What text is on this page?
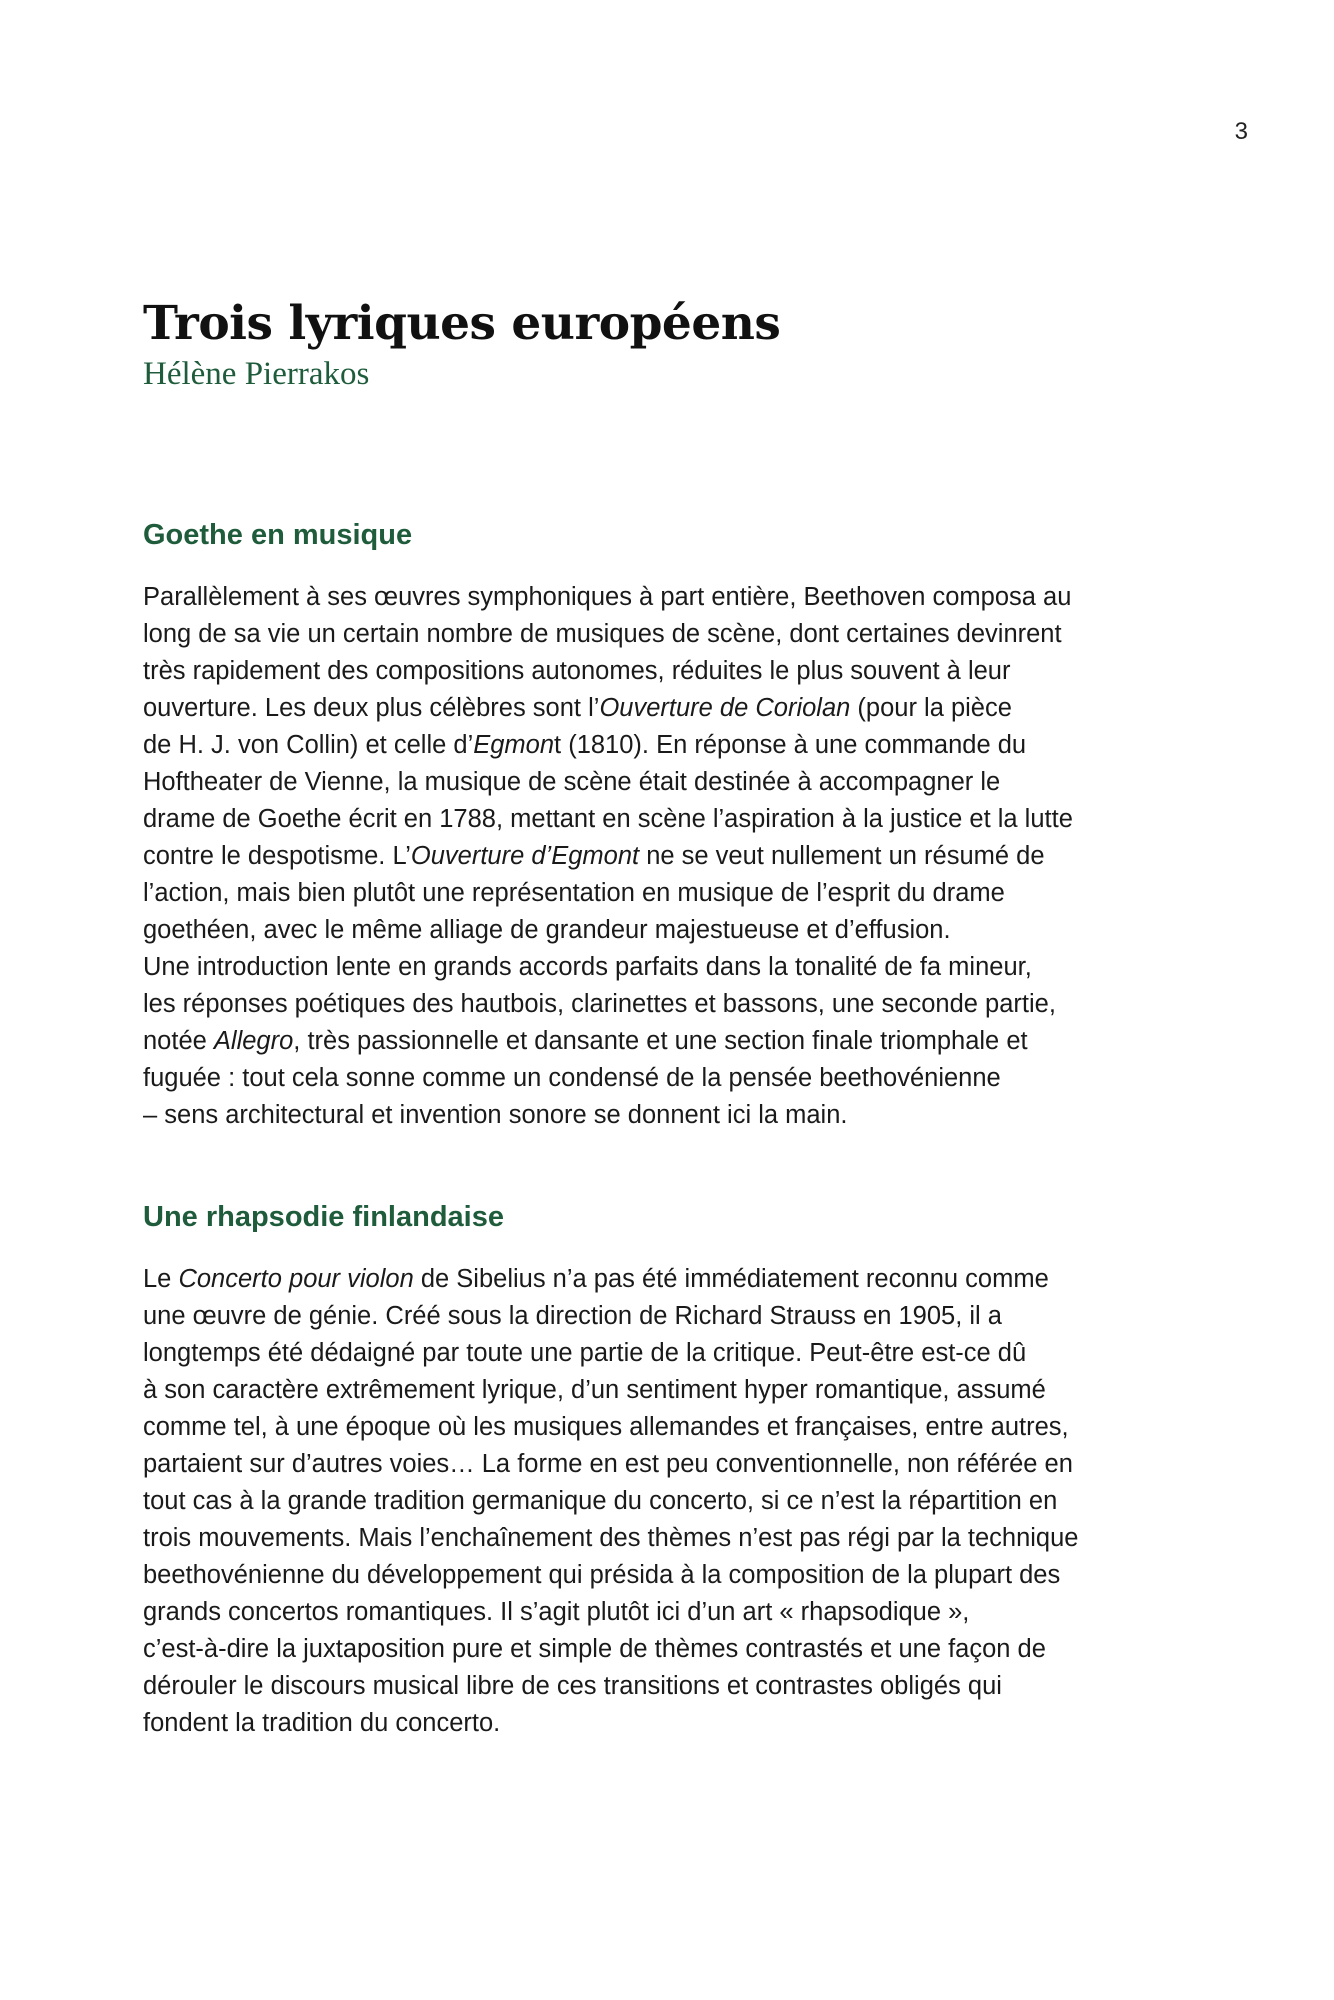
3
Trois lyriques européens
Hélène Pierrakos
Goethe en musique

Parallèlement à ses œuvres symphoniques à part entière, Beethoven composa au
long de sa vie un certain nombre de musiques de scène, dont certaines devinrent
très rapidement des compositions autonomes, réduites le plus souvent à leur
ouverture. Les deux plus célèbres sont l’Ouverture de Coriolan (pour la pièce
de H. J. von Collin) et celle d’Egmont (1810). En réponse à une commande du
Hoftheater de Vienne, la musique de scène était destinée à accompagner le
drame de Goethe écrit en 1788, mettant en scène l’aspiration à la justice et la lutte
contre le despotisme. L’Ouverture d’Egmont ne se veut nullement un résumé de
l’action, mais bien plutôt une représentation en musique de l’esprit du drame
goethéen, avec le même alliage de grandeur majestueuse et d’effusion.
Une introduction lente en grands accords parfaits dans la tonalité de fa mineur,
les réponses poétiques des hautbois, clarinettes et bassons, une seconde partie,
notée Allegro, très passionnelle et dansante et une section finale triomphale et
fuguée : tout cela sonne comme un condensé de la pensée beethovénienne
– sens architectural et invention sonore se donnent ici la main.

Une rhapsodie finlandaise

Le Concerto pour violon de Sibelius n’a pas été immédiatement reconnu comme
une œuvre de génie. Créé sous la direction de Richard Strauss en 1905, il a
longtemps été dédaigné par toute une partie de la critique. Peut-être est-ce dû
à son caractère extrêmement lyrique, d’un sentiment hyper romantique, assumé
comme tel, à une époque où les musiques allemandes et françaises, entre autres,
partaient sur d’autres voies… La forme en est peu conventionnelle, non référée en
tout cas à la grande tradition germanique du concerto, si ce n’est la répartition en
trois mouvements. Mais l’enchaînement des thèmes n’est pas régi par la technique
beethovénienne du développement qui présida à la composition de la plupart des
grands concertos romantiques. Il s’agit plutôt ici d’un art « rhapsodique »,
c’est-à-dire la juxtaposition pure et simple de thèmes contrastés et une façon de
dérouler le discours musical libre de ces transitions et contrastes obligés qui
fondent la tradition du concerto.
